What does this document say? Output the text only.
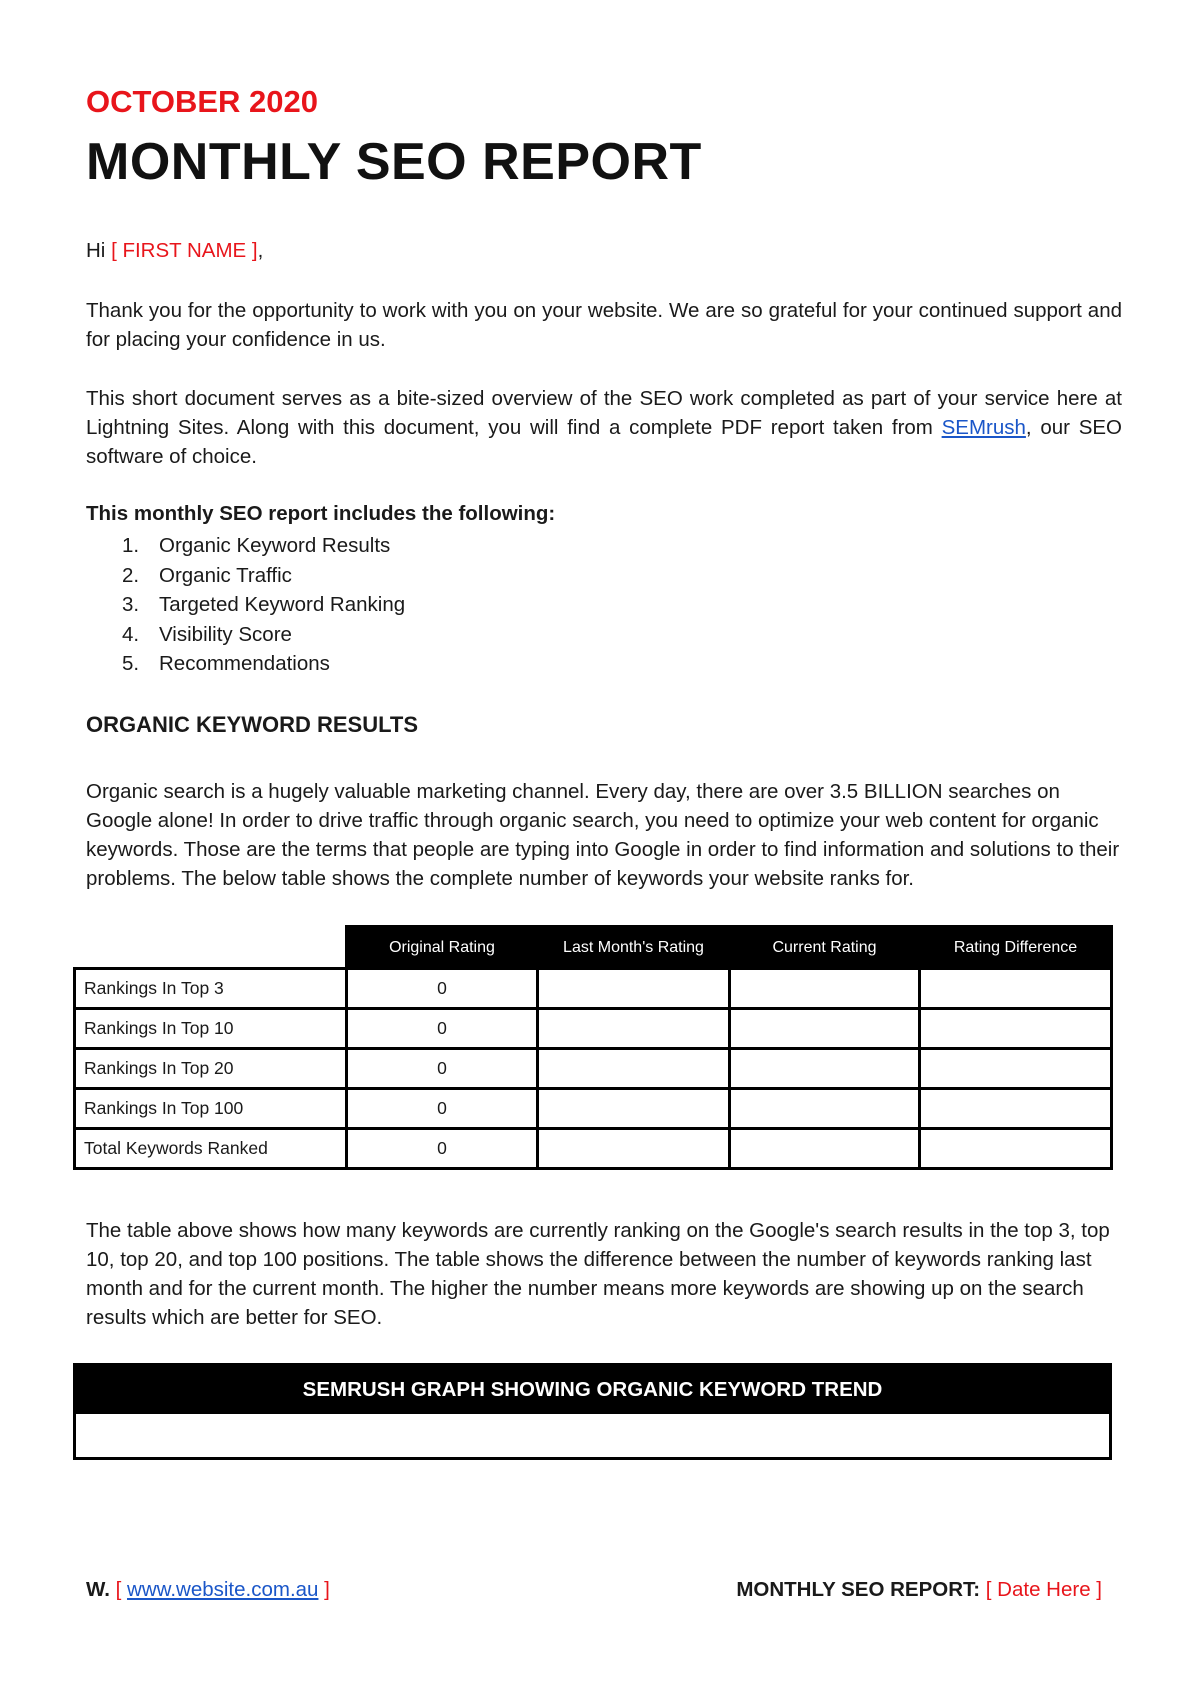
OCTOBER 2020

MONTHLY SEO REPORT

Hi [ FIRST NAME ],

Thank you for the opportunity to work with you on your website. We are so grateful for your continued support and for placing your confidence in us.

This short document serves as a bite-sized overview of the SEO work completed as part of your service here at Lightning Sites. Along with this document, you will find a complete PDF report taken from SEMrush, our SEO software of choice.

This monthly SEO report includes the following:

1. Organic Keyword Results
2. Organic Traffic
3. Targeted Keyword Ranking
4. Visibility Score
5. Recommendations
ORGANIC KEYWORD RESULTS

Organic search is a hugely valuable marketing channel. Every day, there are over 3.5 BILLION searches on Google alone! In order to drive traffic through organic search, you need to optimize your web content for organic keywords. Those are the terms that people are typing into Google in order to find information and solutions to their problems. The below table shows the complete number of keywords your website ranks for.

	Original Rating	Last Month's Rating	Current Rating	Rating Difference
Rankings In Top 3	0			
Rankings In Top 10	0			
Rankings In Top 20	0			
Rankings In Top 100	0			
Total Keywords Ranked	0			

The table above shows how many keywords are currently ranking on the Google's search results in the top 3, top 10, top 20, and top 100 positions. The table shows the difference between the number of keywords ranking last month and for the current month. The higher the number means more keywords are showing up on the search results which are better for SEO.

SEMRUSH GRAPH SHOWING ORGANIC KEYWORD TREND

W. [ www.website.com.au ]	MONTHLY SEO REPORT: [ Date Here ]
